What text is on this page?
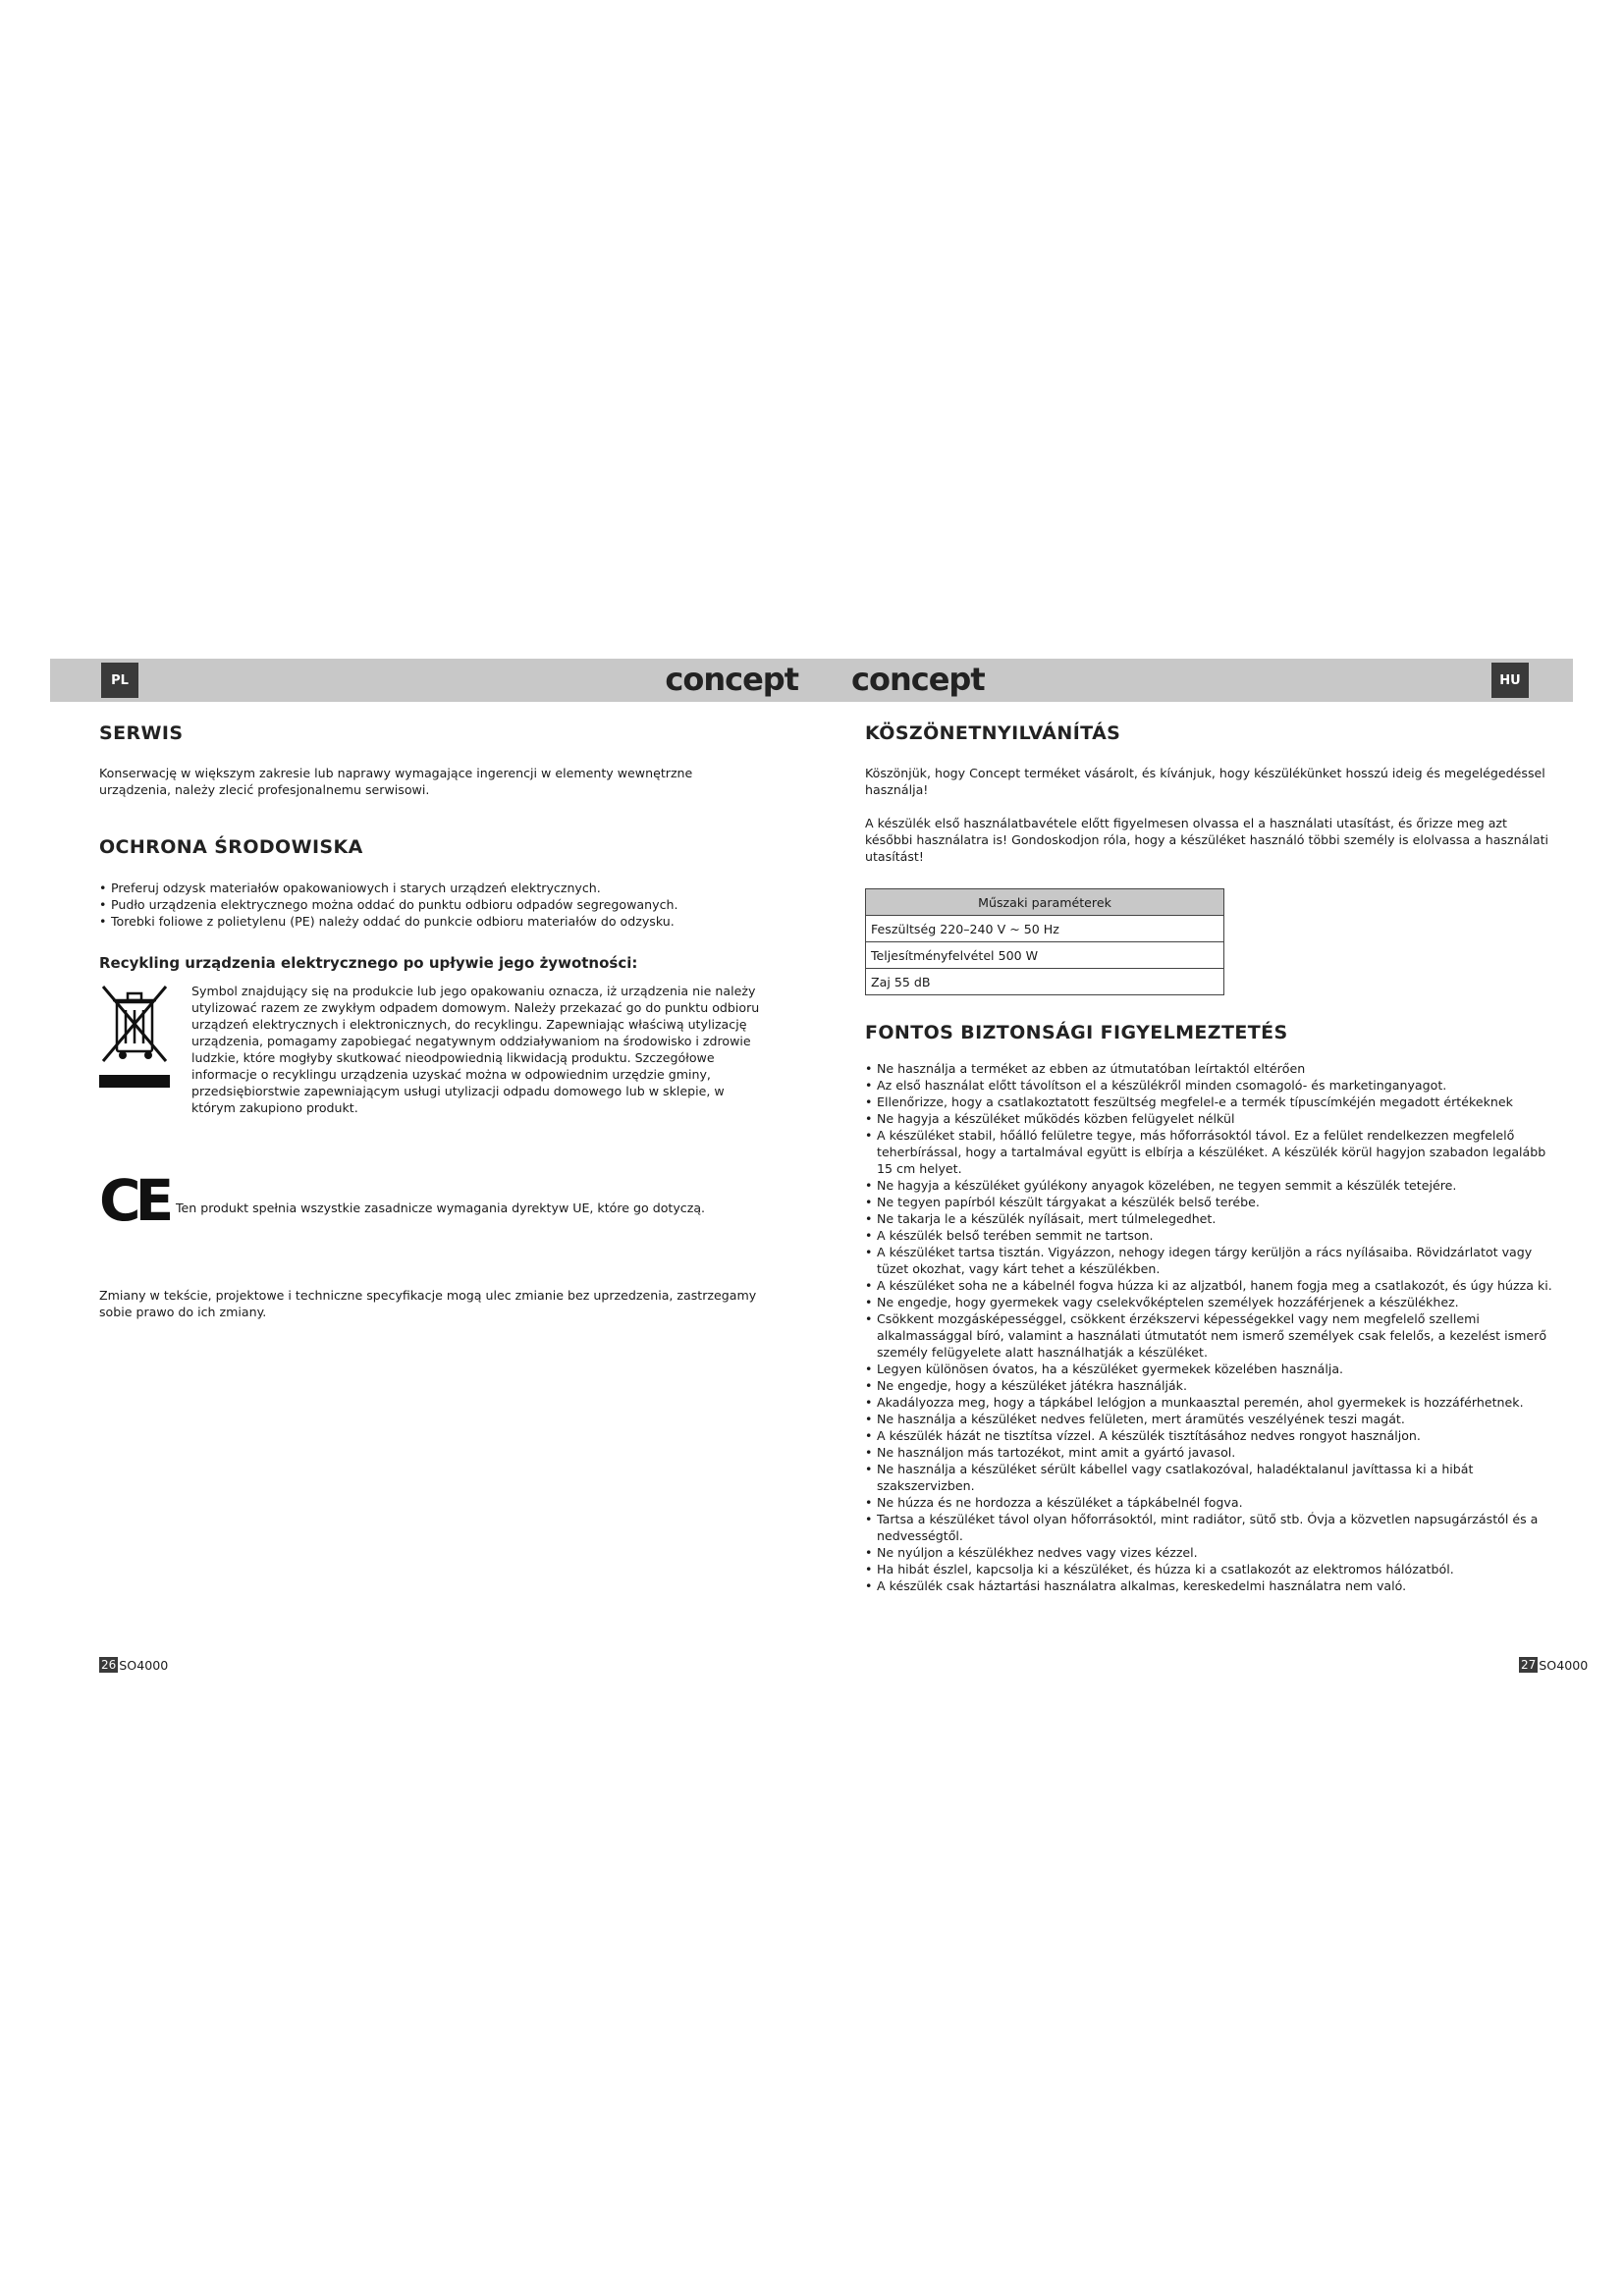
PL	concept
SERWIS

Konserwację w większym zakresie lub naprawy wymagające ingerencji w elementy wewnętrzne urządzenia, należy zlecić profesjonalnemu serwisowi.

OCHRONA ŚRODOWISKA
• Preferuj odzysk materiałów opakowaniowych i starych urządzeń elektrycznych.
• Pudło urządzenia elektrycznego można oddać do punktu odbioru odpadów segregowanych.
• Torebki foliowe z polietylenu (PE) należy oddać do punkcie odbioru materiałów do odzysku.
Recykling urządzenia elektrycznego po upływie jego żywotności:

Symbol znajdujący się na produkcie lub jego opakowaniu oznacza, iż urządzenia nie należy utylizować razem ze zwykłym odpadem domowym. Należy przekazać go do punktu odbioru urządzeń elektrycznych i elektronicznych, do recyklingu. Zapewniając właściwą utylizację urządzenia, pomagamy zapobiegać negatywnym oddziaływaniom na środowisko i zdrowie ludzkie, które mogłyby skutkować nieodpowiednią likwidacją produktu. Szczegółowe informacje o recyklingu urządzenia uzyskać można w odpowiednim urzędzie gminy, przedsiębiorstwie zapewniającym usługi utylizacji odpadu domowego lub w sklepie, w którym zakupiono produkt.

CE Ten produkt spełnia wszystkie zasadnicze wymagania dyrektyw UE, które go dotyczą.

Zmiany w tekście, projektowe i techniczne specyfikacje mogą ulec zmianie bez uprzedzenia, zastrzegamy sobie prawo do ich zmiany.

26 SO4000
concept	HU
KÖSZÖNETNYILVÁNÍTÁS

Köszönjük, hogy Concept terméket vásárolt, és kívánjuk, hogy készülékünket hosszú ideig és megelégedéssel használja!

A készülék első használatbavétele előtt figyelmesen olvassa el a használati utasítást, és őrizze meg azt későbbi használatra is! Gondoskodjon róla, hogy a készüléket használó többi személy is elolvassa a használati utasítást!

Műszaki paraméterek
Feszültség 220–240 V ~ 50 Hz
Teljesítményfelvétel 500 W
Zaj 55 dB
FONTOS BIZTONSÁGI FIGYELMEZTETÉS
• Ne használja a terméket az ebben az útmutatóban leírtaktól eltérően
• Az első használat előtt távolítson el a készülékről minden csomagoló- és marketinganyagot.
• Ellenőrizze, hogy a csatlakoztatott feszültség megfelel-e a termék típuscímkéjén megadott értékeknek
• Ne hagyja a készüléket működés közben felügyelet nélkül
• A készüléket stabil, hőálló felületre tegye, más hőforrásoktól távol. Ez a felület rendelkezzen megfelelő teherbírással, hogy a tartalmával együtt is elbírja a készüléket. A készülék körül hagyjon szabadon legalább 15 cm helyet.
• Ne hagyja a készüléket gyúlékony anyagok közelében, ne tegyen semmit a készülék tetejére.
• Ne tegyen papírból készült tárgyakat a készülék belső terébe.
• Ne takarja le a készülék nyílásait, mert túlmelegedhet.
• A készülék belső terében semmit ne tartson.
• A készüléket tartsa tisztán. Vigyázzon, nehogy idegen tárgy kerüljön a rács nyílásaiba. Rövidzárlatot vagy tüzet okozhat, vagy kárt tehet a készülékben.
• A készüléket soha ne a kábelnél fogva húzza ki az aljzatból, hanem fogja meg a csatlakozót, és úgy húzza ki.
• Ne engedje, hogy gyermekek vagy cselekvőképtelen személyek hozzáférjenek a készülékhez.
• Csökkent mozgásképességgel, csökkent érzékszervi képességekkel vagy nem megfelelő szellemi alkalmassággal bíró, valamint a használati útmutatót nem ismerő személyek csak felelős, a kezelést ismerő személy felügyelete alatt használhatják a készüléket.
• Legyen különösen óvatos, ha a készüléket gyermekek közelében használja.
• Ne engedje, hogy a készüléket játékra használják.
• Akadályozza meg, hogy a tápkábel lelógjon a munkaasztal peremén, ahol gyermekek is hozzáférhetnek.
• Ne használja a készüléket nedves felületen, mert áramütés veszélyének teszi magát.
• A készülék házát ne tisztítsa vízzel. A készülék tisztításához nedves rongyot használjon.
• Ne használjon más tartozékot, mint amit a gyártó javasol.
• Ne használja a készüléket sérült kábellel vagy csatlakozóval, haladéktalanul javíttassa ki a hibát szakszervizben.
• Ne húzza és ne hordozza a készüléket a tápkábelnél fogva.
• Tartsa a készüléket távol olyan hőforrásoktól, mint radiátor, sütő stb. Óvja a közvetlen napsugárzástól és a nedvességtől.
• Ne nyúljon a készülékhez nedves vagy vizes kézzel.
• Ha hibát észlel, kapcsolja ki a készüléket, és húzza ki a csatlakozót az elektromos hálózatból.
• A készülék csak háztartási használatra alkalmas, kereskedelmi használatra nem való.
27 SO4000
